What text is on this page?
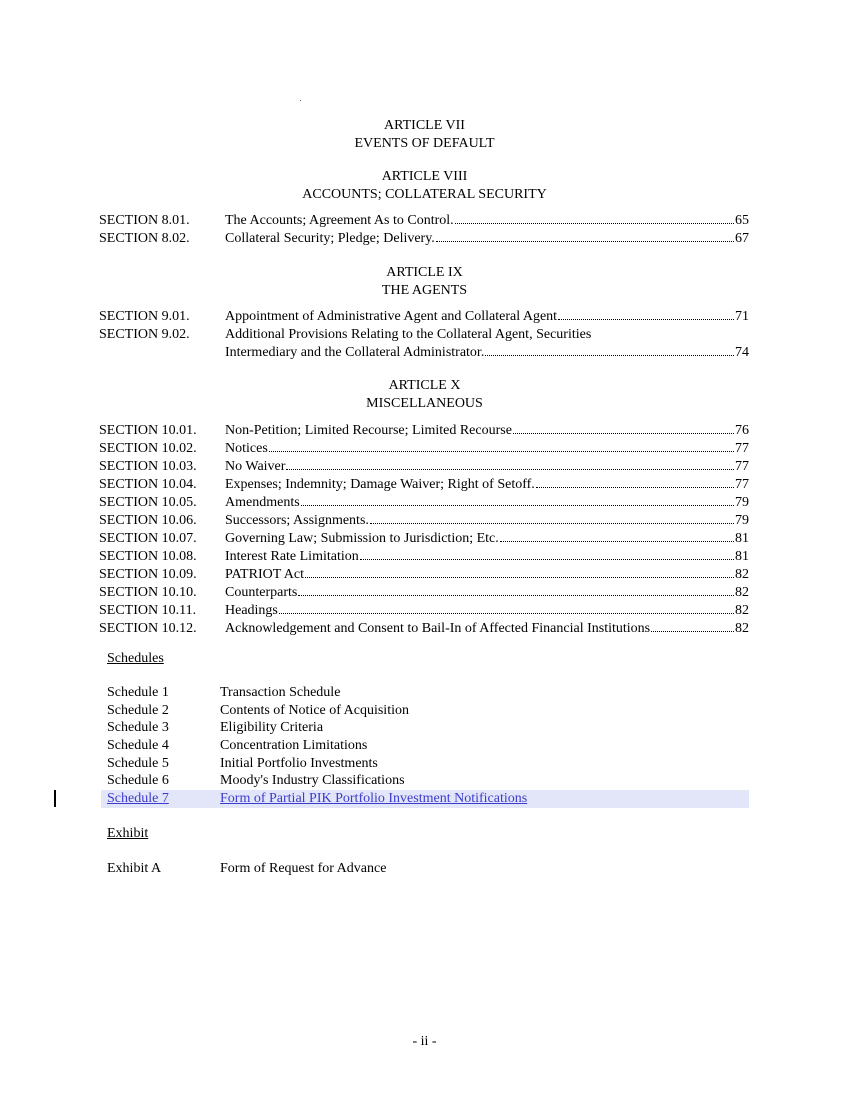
ARTICLE VII
EVENTS OF DEFAULT
ARTICLE VIII
ACCOUNTS; COLLATERAL SECURITY
SECTION 8.01.	The Accounts; Agreement As to Control.	65
SECTION 8.02.	Collateral Security; Pledge; Delivery.	67
ARTICLE IX
THE AGENTS
SECTION 9.01.	Appointment of Administrative Agent and Collateral Agent	71
SECTION 9.02.	Additional Provisions Relating to the Collateral Agent, Securities
Intermediary and the Collateral Administrator.	74
ARTICLE X
MISCELLANEOUS
SECTION 10.01. Non-Petition; Limited Recourse; Limited Recourse	76
SECTION 10.02. Notices	77
SECTION 10.03. No Waiver	77
SECTION 10.04. Expenses; Indemnity; Damage Waiver; Right of Setoff.	77
SECTION 10.05. Amendments	79
SECTION 10.06. Successors; Assignments.	79
SECTION 10.07. Governing Law; Submission to Jurisdiction; Etc.	81
SECTION 10.08. Interest Rate Limitation	81
SECTION 10.09. PATRIOT Act	82
SECTION 10.10. Counterparts	82
SECTION 10.11. Headings	82
SECTION 10.12. Acknowledgement and Consent to Bail-In of Affected Financial Institutions	82
Schedules
Schedule 1	Transaction Schedule
Schedule 2	Contents of Notice of Acquisition
Schedule 3	Eligibility Criteria
Schedule 4	Concentration Limitations
Schedule 5	Initial Portfolio Investments
Schedule 6	Moody's Industry Classifications
Schedule 7	Form of Partial PIK Portfolio Investment Notifications
Exhibit
Exhibit A	Form of Request for Advance
- ii -
